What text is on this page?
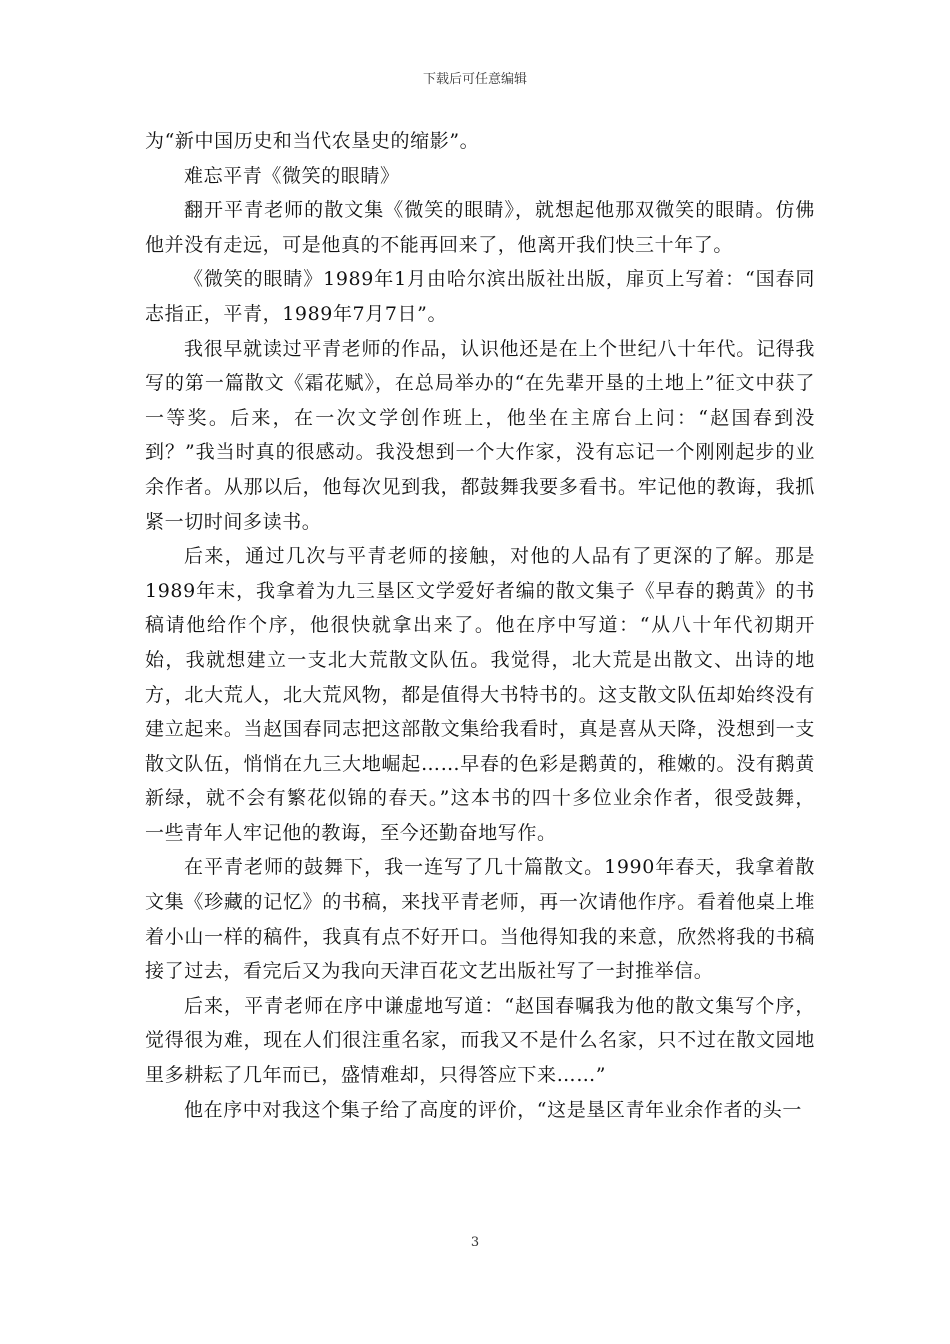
下载后可任意编辑

为“新中国历史和当代农垦史的缩影”。

难忘平青《微笑的眼睛》

翻开平青老师的散文集《微笑的眼睛》，就想起他那双微笑的眼睛。仿佛他并没有走远，可是他真的不能再回来了，他离开我们快三十年了。

《微笑的眼睛》1989年1月由哈尔滨出版社出版，扉页上写着：“国春同志指正，平青，1989年7月7日”。

我很早就读过平青老师的作品，认识他还是在上个世纪八十年代。记得我写的第一篇散文《霜花赋》，在总局举办的“在先辈开垦的土地上”征文中获了一等奖。后来，在一次文学创作班上，他坐在主席台上问：“赵国春到没到？”我当时真的很感动。我没想到一个大作家，没有忘记一个刚刚起步的业余作者。从那以后，他每次见到我，都鼓舞我要多看书。牢记他的教诲，我抓紧一切时间多读书。

后来，通过几次与平青老师的接触，对他的人品有了更深的了解。那是1989年末，我拿着为九三垦区文学爱好者编的散文集子《早春的鹅黄》的书稿请他给作个序，他很快就拿出来了。他在序中写道：“从八十年代初期开始，我就想建立一支北大荒散文队伍。我觉得，北大荒是出散文、出诗的地方，北大荒人，北大荒风物，都是值得大书特书的。这支散文队伍却始终没有建立起来。当赵国春同志把这部散文集给我看时，真是喜从天降，没想到一支散文队伍，悄悄在九三大地崛起……早春的色彩是鹅黄的，稚嫩的。没有鹅黄新绿，就不会有繁花似锦的春天。”这本书的四十多位业余作者，很受鼓舞， 一些青年人牢记他的教诲，至今还勤奋地写作。

在平青老师的鼓舞下，我一连写了几十篇散文。1990年春天，我拿着散文集《珍藏的记忆》的书稿，来找平青老师，再一次请他作序。看着他桌上堆着小山一样的稿件，我真有点不好开口。当他得知我的来意，欣然将我的书稿接了过去，看完后又为我向天津百花文艺出版社写了一封推举信。

后来，平青老师在序中谦虚地写道：“赵国春嘱我为他的散文集写个序，觉得很为难，现在人们很注重名家，而我又不是什么名家，只不过在散文园地里多耕耘了几年而已，盛情难却，只得答应下来……”

他在序中对我这个集子给了高度的评价，“这是垦区青年业余作者的头一

3
